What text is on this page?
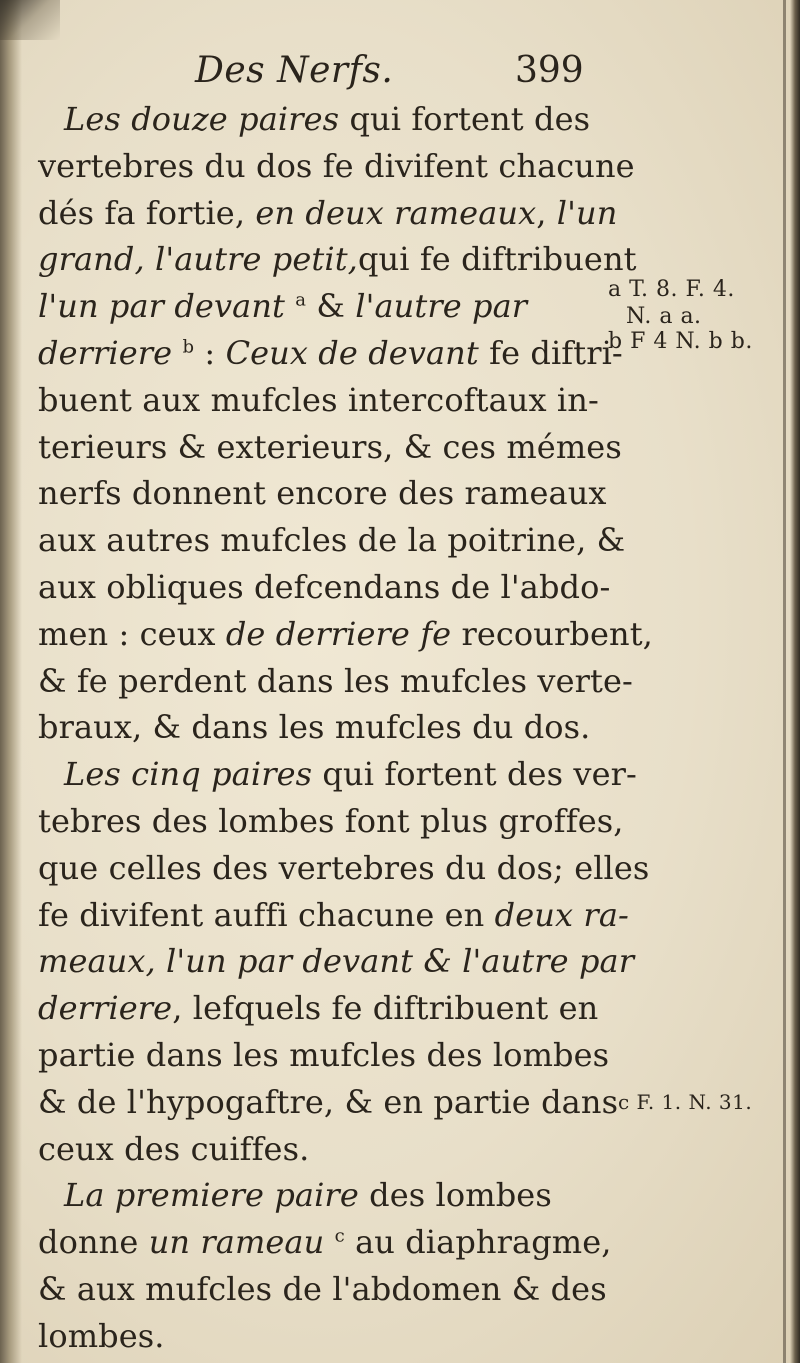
Des Nerfs.	399
Les douze paires qui fortent des
vertebres du dos fe divifent chacune
dés fa fortie, en deux rameaux, l'un
grand, l'autre petit,qui fe diftribuent
l'un par devant $^a$ & l'autre par
derriere $^b$ : Ceux de devant fe diftri-
buent aux mufcles intercoftaux in-
terieurs & exterieurs, & ces mémes
nerfs donnent encore des rameaux
aux autres mufcles de la poitrine, &
aux obliques defcendans de l'abdo-
men : ceux de derriere fe recourbent,
& fe perdent dans les mufcles verte-
braux, & dans les mufcles du dos.
Les cinq paires qui fortent des ver-
tebres des lombes font plus groffes,
que celles des vertebres du dos; elles
fe divifent auffi chacune en deux ra-
meaux, l'un par devant & l'autre par
derriere, lefquels fe diftribuent en
partie dans les mufcles des lombes
& de l'hypogaftre, & en partie dans
ceux des cuiffes.
La premiere paire des lombes
donne un rameau $^c$ au diaphragme,
& aux mufcles de l'abdomen & des
lombes.
a T. 8. F. 4.
N. a a.
b F 4 N. b b.
c F. 1. N. 31.
